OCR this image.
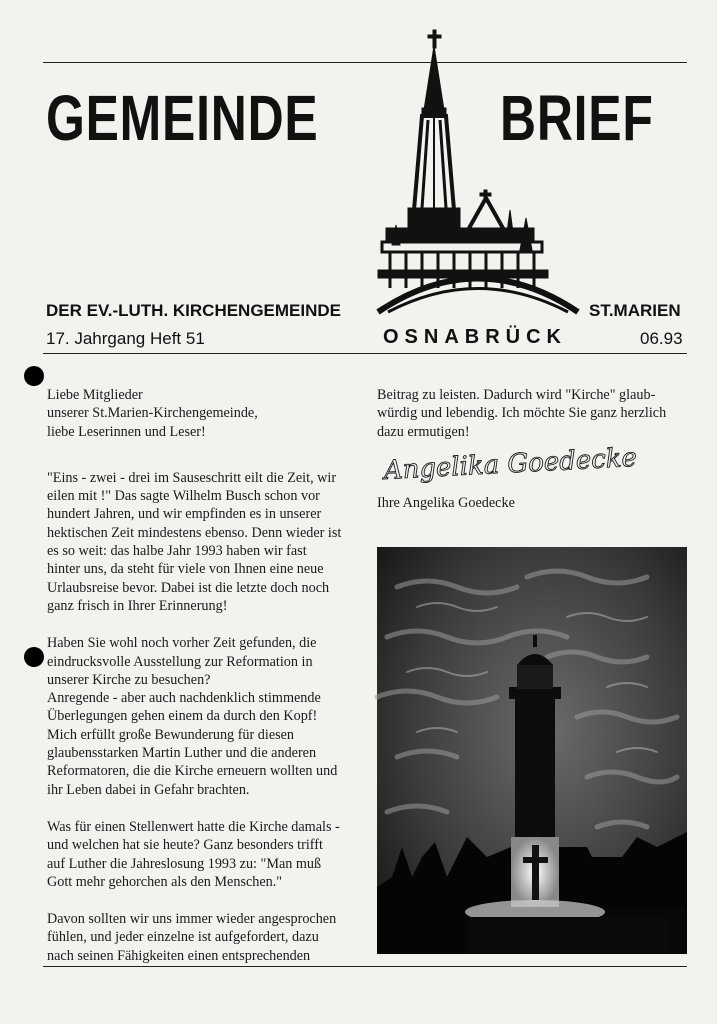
GEMEINDE	BRIEF
DER EV.-LUTH. KIRCHENGEMEINDE	ST.MARIEN
17. Jahrgang Heft 51	OSNABRÜCK	06.93

Liebe Mitglieder
unserer St.Marien-Kirchengemeinde,
liebe Leserinnen und Leser!

"Eins - zwei - drei im Sauseschritt eilt die Zeit, wir
eilen mit !" Das sagte Wilhelm Busch schon vor
hundert Jahren, und wir empfinden es in unserer
hektischen Zeit mindestens ebenso. Denn wieder ist
es so weit: das halbe Jahr 1993 haben wir fast
hinter uns, da steht für viele von Ihnen eine neue
Urlaubsreise bevor. Dabei ist die letzte doch noch
ganz frisch in Ihrer Erinnerung!

Haben Sie wohl noch vorher Zeit gefunden, die
eindrucksvolle Ausstellung zur Reformation in
unserer Kirche zu besuchen?
Anregende - aber auch nachdenklich stimmende
Überlegungen gehen einem da durch den Kopf!
Mich erfüllt große Bewunderung für diesen
glaubensstarken Martin Luther und die anderen
Reformatoren, die die Kirche erneuern wollten und
ihr Leben dabei in Gefahr brachten.

Was für einen Stellenwert hatte die Kirche damals -
und welchen hat sie heute? Ganz besonders trifft
auf Luther die Jahreslosung 1993 zu: "Man muß
Gott mehr gehorchen als den Menschen."

Davon sollten wir uns immer wieder angesprochen
fühlen, und jeder einzelne ist aufgefordert, dazu
nach seinen Fähigkeiten einen entsprechenden

Beitrag zu leisten. Dadurch wird "Kirche" glaub-
würdig und lebendig. Ich möchte Sie ganz herzlich
dazu ermutigen!

Angelika Goedecke

Ihre Angelika Goedecke
